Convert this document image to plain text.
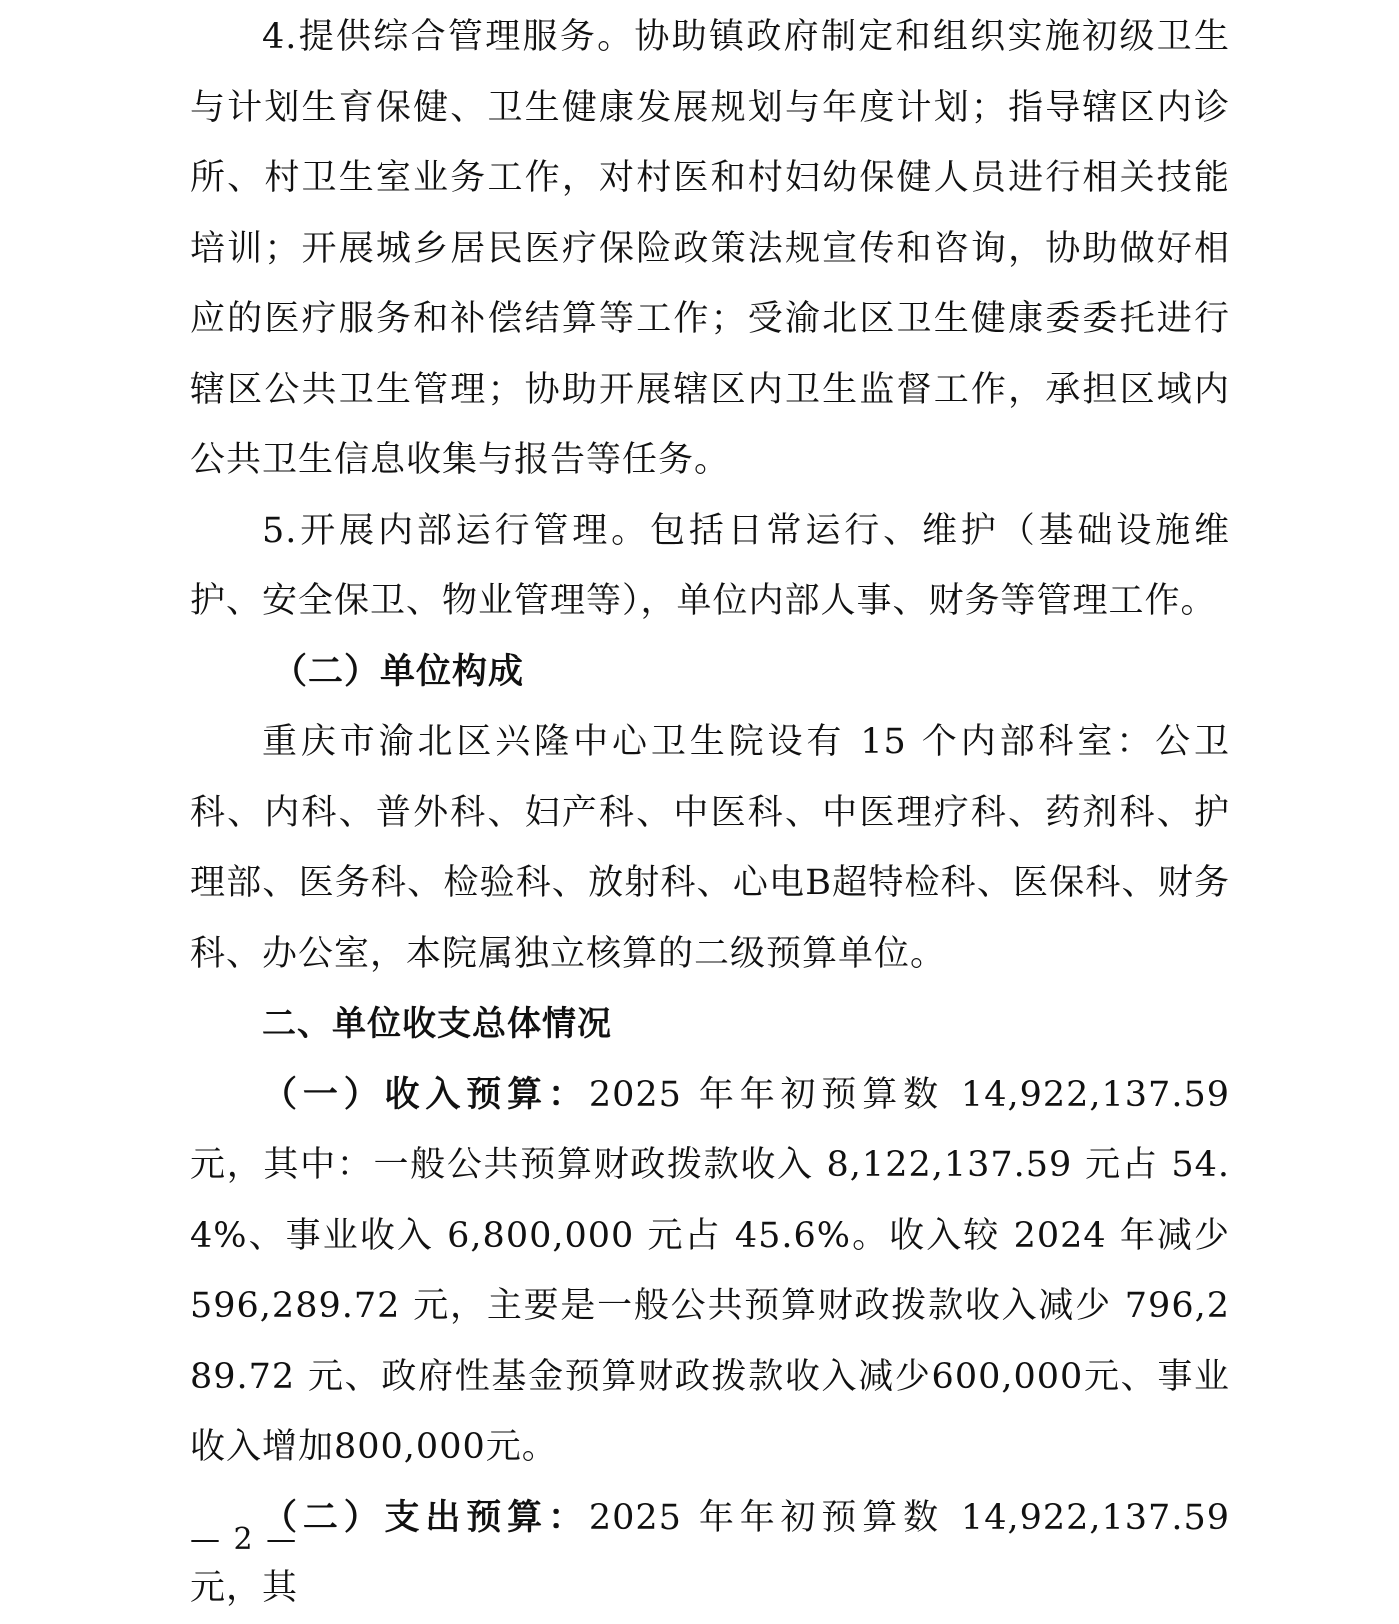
4.提供综合管理服务。协助镇政府制定和组织实施初级卫生与计划生育保健、卫生健康发展规划与年度计划；指导辖区内诊所、村卫生室业务工作，对村医和村妇幼保健人员进行相关技能培训；开展城乡居民医疗保险政策法规宣传和咨询，协助做好相应的医疗服务和补偿结算等工作；受渝北区卫生健康委委托进行辖区公共卫生管理；协助开展辖区内卫生监督工作，承担区域内公共卫生信息收集与报告等任务。

5.开展内部运行管理。包括日常运行、维护（基础设施维护、安全保卫、物业管理等），单位内部人事、财务等管理工作。

（二）单位构成

重庆市渝北区兴隆中心卫生院设有 15 个内部科室：公卫科、内科、普外科、妇产科、中医科、中医理疗科、药剂科、护理部、医务科、检验科、放射科、心电B超特检科、医保科、财务科、办公室，本院属独立核算的二级预算单位。

二、单位收支总体情况

（一）收入预算：2025 年年初预算数 14,922,137.59 元，其中：一般公共预算财政拨款收入 8,122,137.59 元占 54.4%、事业收入 6,800,000 元占 45.6%。收入较 2024 年减少 596,289.72 元，主要是一般公共预算财政拨款收入减少 796,289.72 元、政府性基金预算财政拨款收入减少600,000元、事业收入增加800,000元。

（二）支出预算：2025 年年初预算数 14,922,137.59 元，其

— 2 —
